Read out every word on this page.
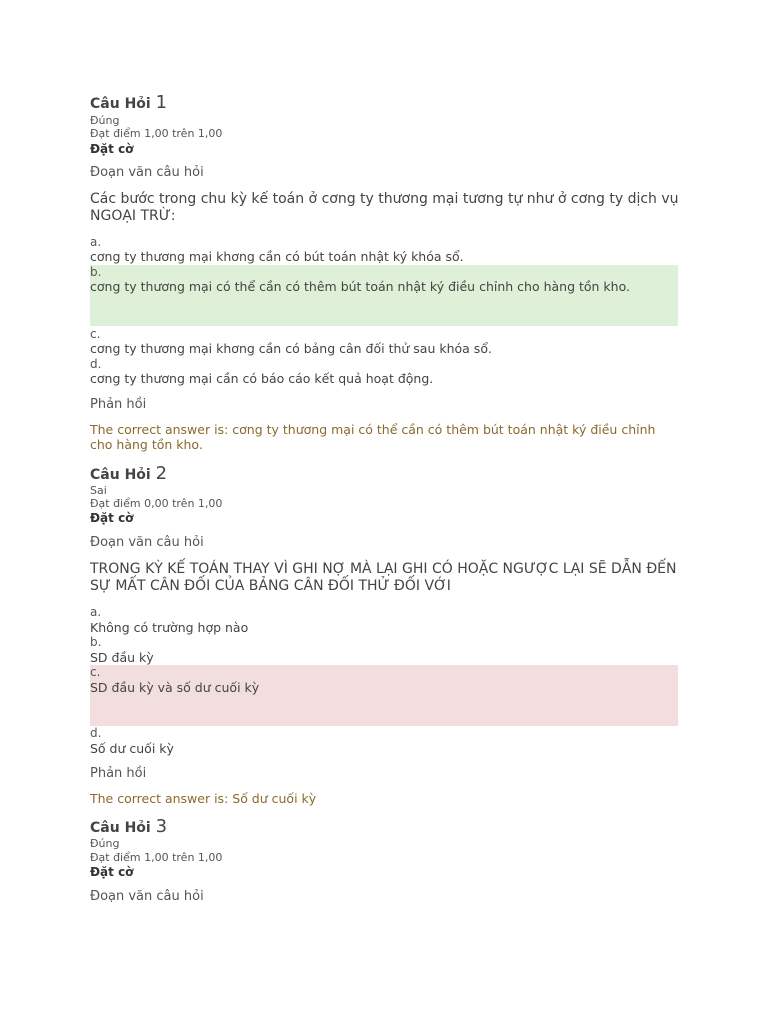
Câu Hỏi 1
Đúng
Đạt điểm 1,00 trên 1,00
Đặt cờ
Đoạn văn câu hỏi
Các bước trong chu kỳ kế toán ở cơng ty thương mại tương tự như ở cơng ty dịch vụ NGOẠI TRỪ:
a.
cơng ty thương mại khơng cần có bút toán nhật ký khóa sổ.
b.
cơng ty thương mại có thể cần có thêm bút toán nhật ký điều chỉnh cho hàng tồn kho.
c.
cơng ty thương mại khơng cần có bảng cân đối thử sau khóa sổ.
d.
cơng ty thương mại cần có báo cáo kết quả hoạt động.
Phản hồi
The correct answer is: cơng ty thương mại có thể cần có thêm bút toán nhật ký điều chỉnh cho hàng tồn kho.
Câu Hỏi 2
Sai
Đạt điểm 0,00 trên 1,00
Đặt cờ
Đoạn văn câu hỏi
TRONG KỲ KẾ TOÁN THAY VÌ GHI NỢ MÀ LẠI GHI CÓ HOẶC NGƯỢC LẠI SẼ DẪN ĐẾN SỰ MẤT CÂN ĐỐI CỦA BẢNG CÂN ĐỐI THỬ ĐỐI VỚI
a.
Không có trường hợp nào
b.
SD đầu kỳ
c.
SD đầu kỳ và số dư cuối kỳ
d.
Số dư cuối kỳ
Phản hồi
The correct answer is: Số dư cuối kỳ
Câu Hỏi 3
Đúng
Đạt điểm 1,00 trên 1,00
Đặt cờ
Đoạn văn câu hỏi
